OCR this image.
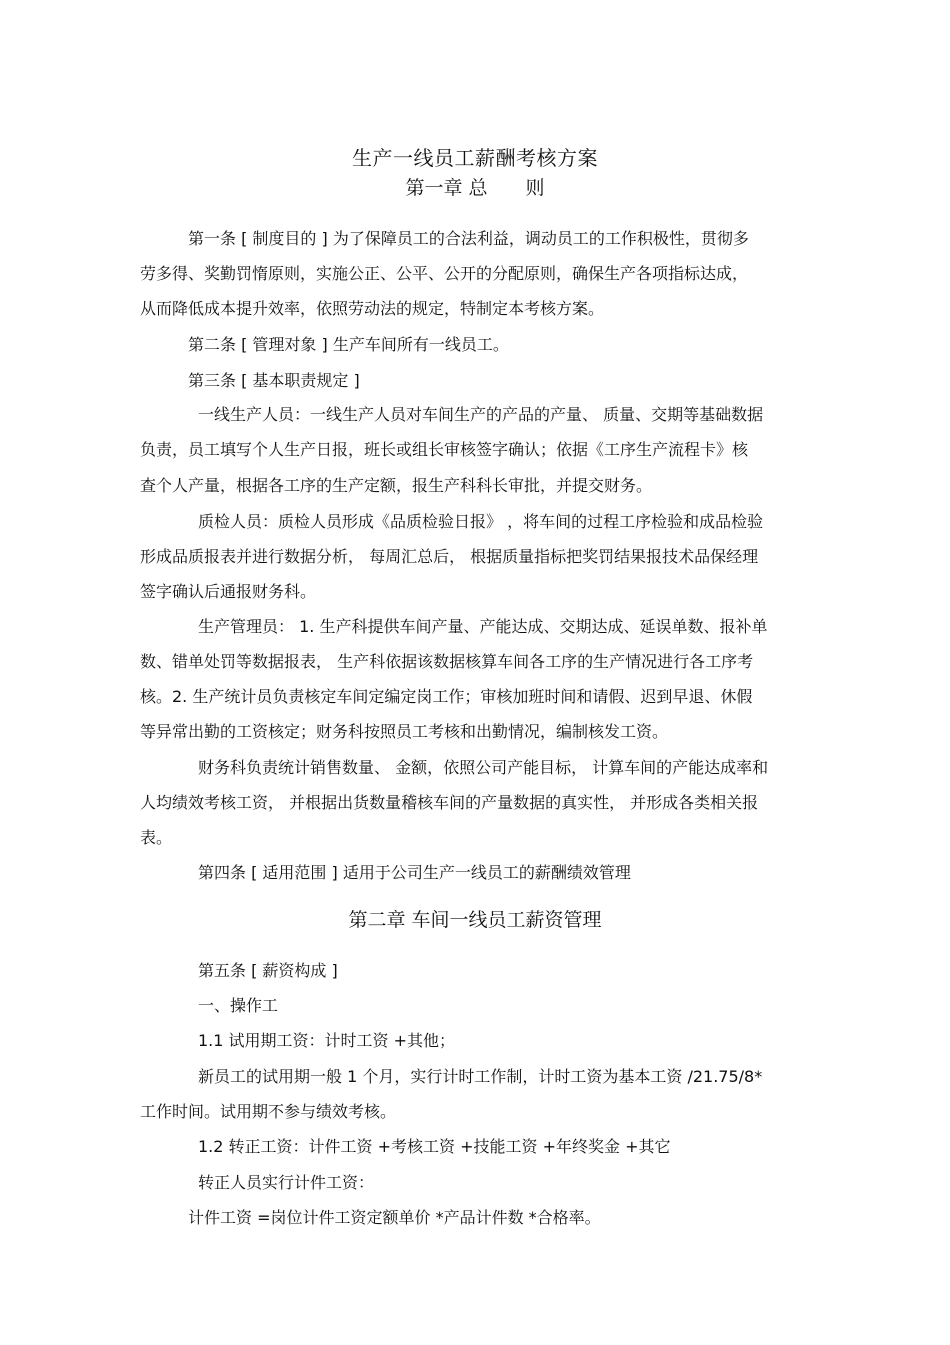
生产一线员工薪酬考核方案
第一章 总　　则
第一条 [ 制度目的 ] 为了保障员工的合法利益，调动员工的工作积极性，贯彻多
劳多得、奖勤罚惰原则，实施公正、公平、公开的分配原则，确保生产各项指标达成，
从而降低成本提升效率，依照劳动法的规定，特制定本考核方案。
第二条 [ 管理对象 ] 生产车间所有一线员工。
第三条 [ 基本职责规定 ]
一线生产人员：一线生产人员对车间生产的产品的产量、 质量、交期等基础数据
负责，员工填写个人生产日报，班长或组长审核签字确认；依据《工序生产流程卡》核
查个人产量，根据各工序的生产定额，报生产科科长审批，并提交财务。
质检人员：质检人员形成《品质检验日报》 ，将车间的过程工序检验和成品检验
形成品质报表并进行数据分析， 每周汇总后， 根据质量指标把奖罚结果报技术品保经理
签字确认后通报财务科。
生产管理员： 1. 生产科提供车间产量、产能达成、交期达成、延误单数、报补单
数、错单处罚等数据报表， 生产科依据该数据核算车间各工序的生产情况进行各工序考
核。2. 生产统计员负责核定车间定编定岗工作；审核加班时间和请假、迟到早退、休假
等异常出勤的工资核定；财务科按照员工考核和出勤情况，编制核发工资。
财务科负责统计销售数量、 金额，依照公司产能目标， 计算车间的产能达成率和
人均绩效考核工资， 并根据出货数量稽核车间的产量数据的真实性， 并形成各类相关报
表。
第四条 [ 适用范围 ] 适用于公司生产一线员工的薪酬绩效管理
第二章 车间一线员工薪资管理
第五条 [ 薪资构成 ]
一、操作工
1.1 试用期工资：计时工资 +其他；
新员工的试用期一般 1 个月，实行计时工作制，计时工资为基本工资 /21.75/8*
工作时间。试用期不参与绩效考核。
1.2 转正工资：计件工资 +考核工资 +技能工资 +年终奖金 +其它
转正人员实行计件工资：
计件工资 =岗位计件工资定额单价 *产品计件数 *合格率。
